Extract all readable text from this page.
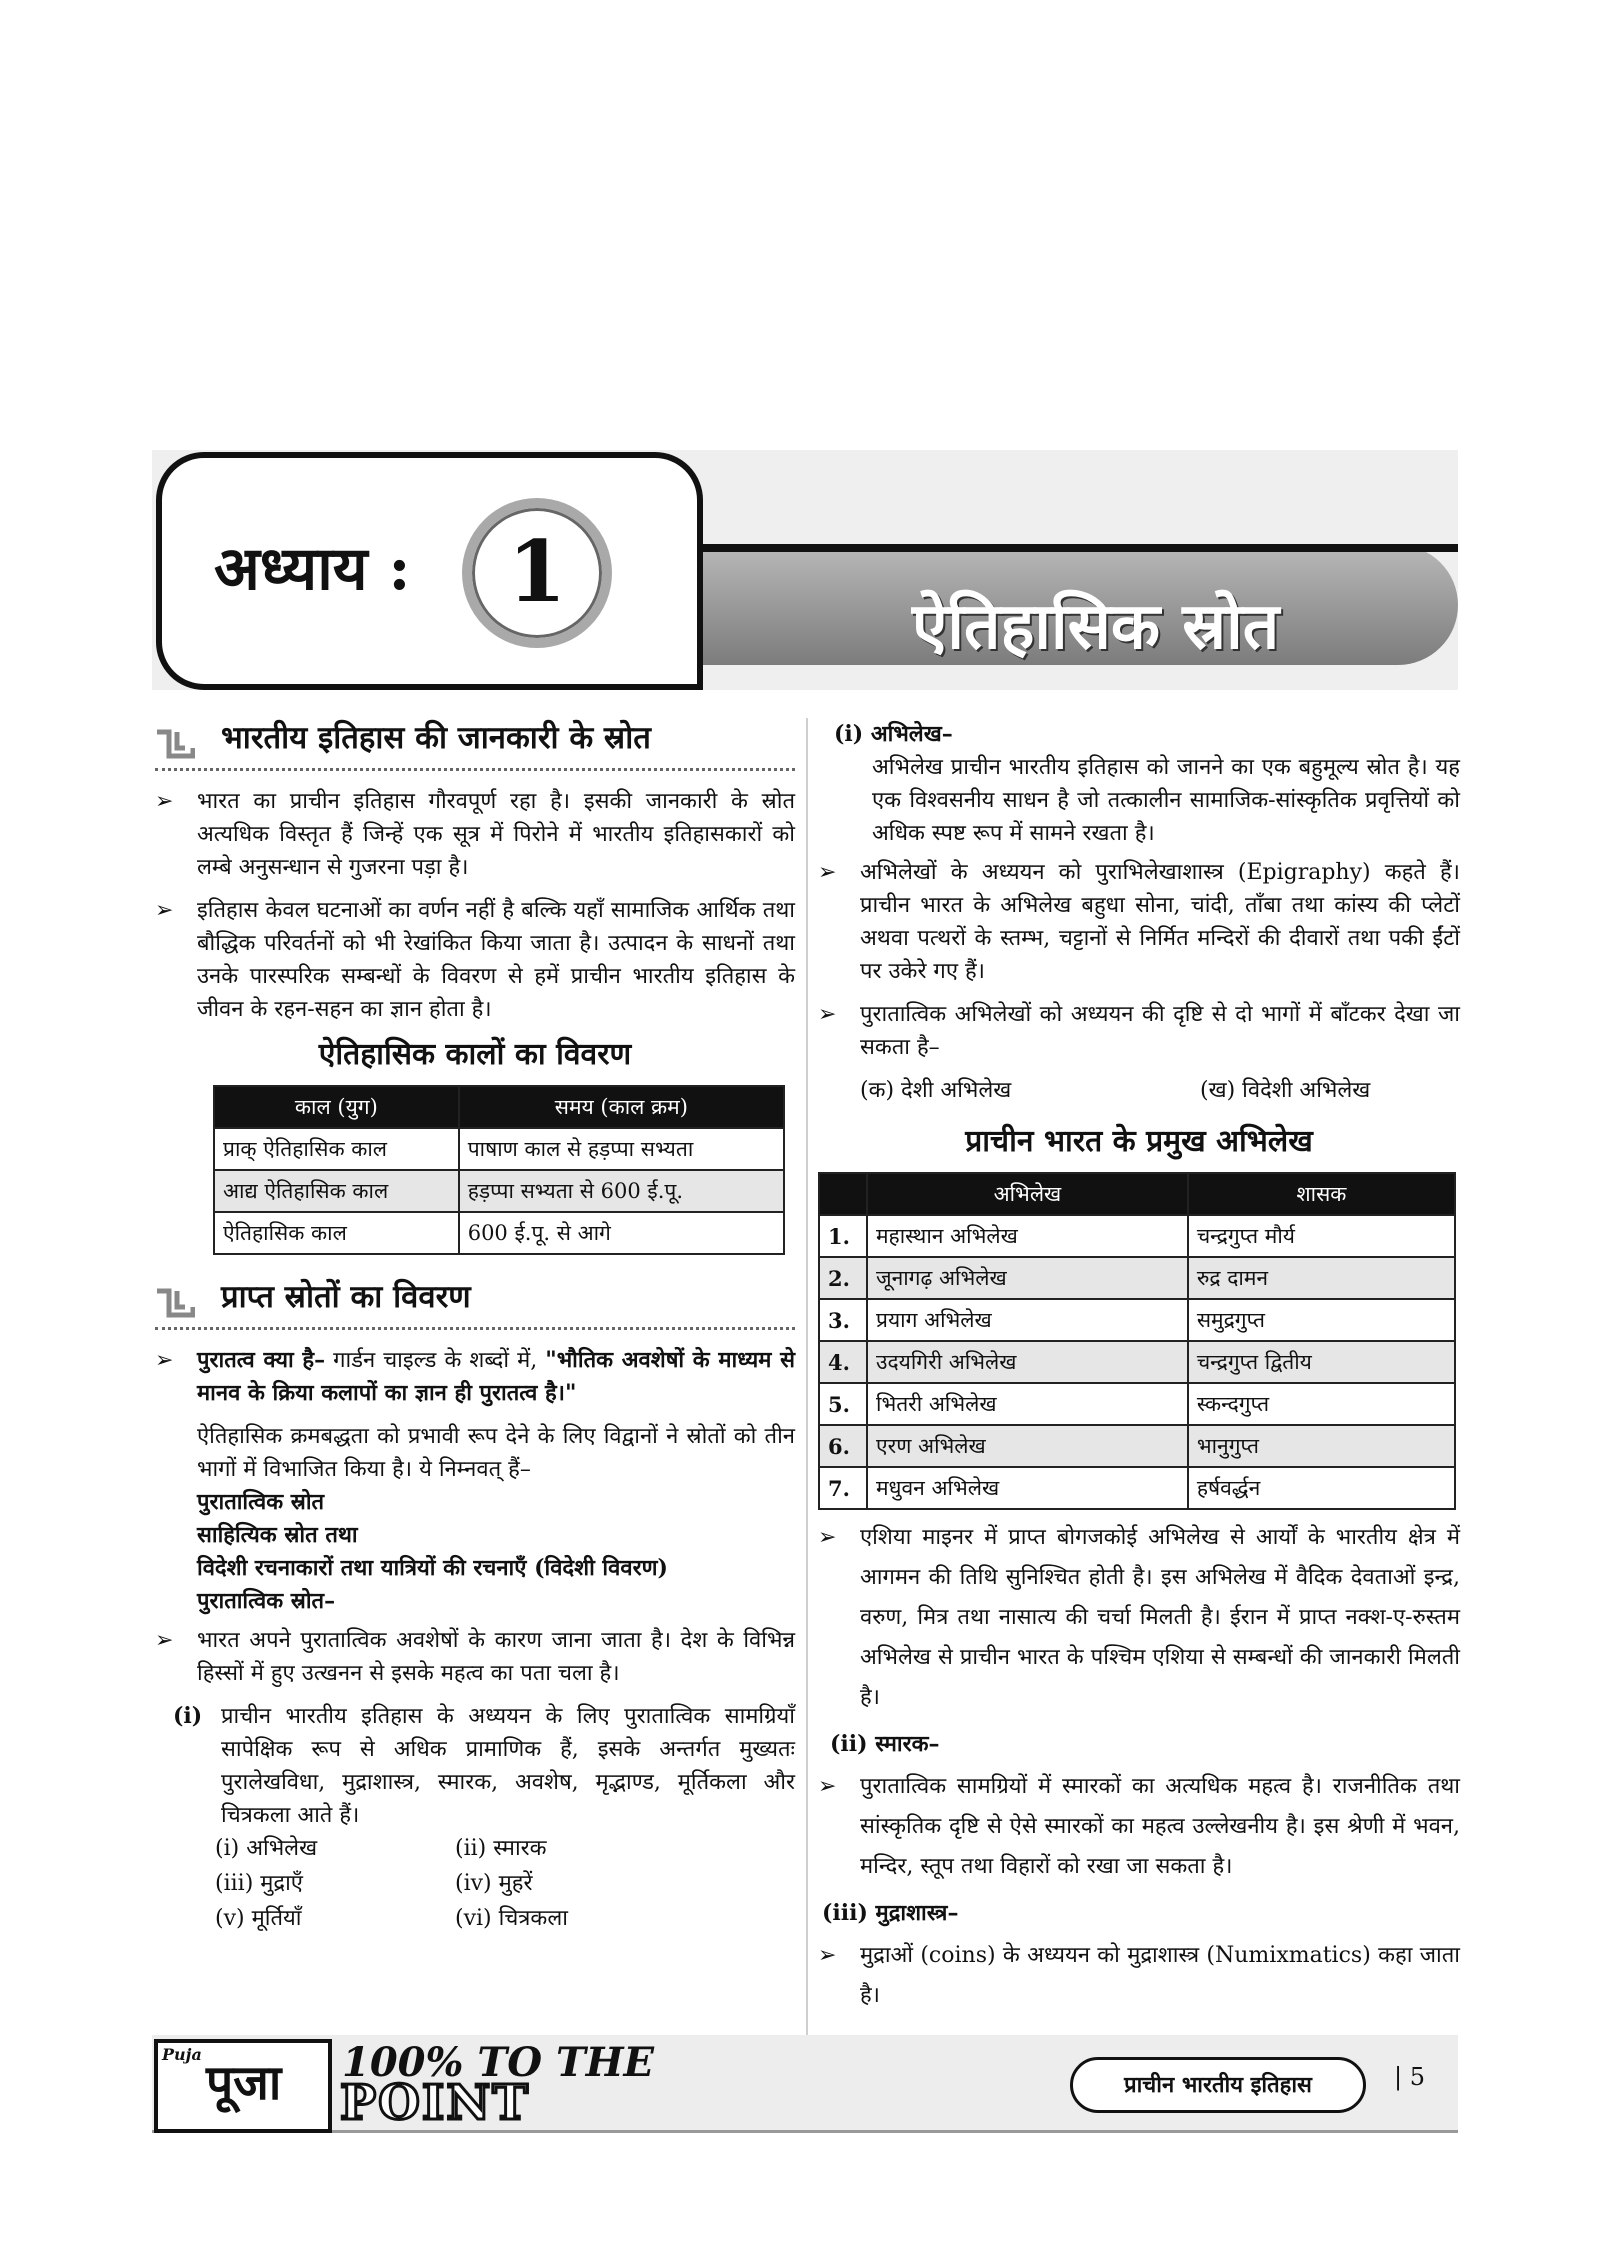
अध्याय :	1
ऐतिहासिक स्रोत
भारतीय इतिहास की जानकारी के स्रोत
➢ भारत का प्राचीन इतिहास गौरवपूर्ण रहा है। इसकी जानकारी के स्रोत अत्यधिक विस्तृत हैं जिन्हें एक सूत्र में पिरोने में भारतीय इतिहासकारों को लम्बे अनुसन्धान से गुजरना पड़ा है।
➢ इतिहास केवल घटनाओं का वर्णन नहीं है बल्कि यहाँ सामाजिक आर्थिक तथा बौद्धिक परिवर्तनों को भी रेखांकित किया जाता है। उत्पादन के साधनों तथा उनके पारस्परिक सम्बन्धों के विवरण से हमें प्राचीन भारतीय इतिहास के जीवन के रहन-सहन का ज्ञान होता है।
ऐतिहासिक कालों का विवरण
काल (युग)	समय (काल क्रम)
प्राक् ऐतिहासिक काल	पाषाण काल से हड़प्पा सभ्यता
आद्य ऐतिहासिक काल	हड़प्पा सभ्यता से 600 ई.पू.
ऐतिहासिक काल	600 ई.पू. से आगे
प्राप्त स्रोतों का विवरण
➢ पुरातत्व क्या है– गार्डन चाइल्ड के शब्दों में, "भौतिक अवशेषों के माध्यम से मानव के क्रिया कलापों का ज्ञान ही पुरातत्व है।"
ऐतिहासिक क्रमबद्धता को प्रभावी रूप देने के लिए विद्वानों ने स्रोतों को तीन भागों में विभाजित किया है। ये निम्नवत् हैं–
पुरातात्विक स्रोत
साहित्यिक स्रोत तथा
विदेशी रचनाकारों तथा यात्रियों की रचनाएँ (विदेशी विवरण)
पुरातात्विक स्रोत–
➢ भारत अपने पुरातात्विक अवशेषों के कारण जाना जाता है। देश के विभिन्न हिस्सों में हुए उत्खनन से इसके महत्व का पता चला है।
(i) प्राचीन भारतीय इतिहास के अध्ययन के लिए पुरातात्विक सामग्रियाँ सापेक्षिक रूप से अधिक प्रामाणिक हैं, इसके अन्तर्गत मुख्यतः पुरालेखविधा, मुद्राशास्त्र, स्मारक, अवशेष, मृद्भाण्ड, मूर्तिकला और चित्रकला आते हैं।
(i) अभिलेख	(ii) स्मारक
(iii) मुद्राएँ	(iv) मुहरें
(v) मूर्तियाँ	(vi) चित्रकला
(i) अभिलेख–
अभिलेख प्राचीन भारतीय इतिहास को जानने का एक बहुमूल्य स्रोत है। यह एक विश्वसनीय साधन है जो तत्कालीन सामाजिक-सांस्कृतिक प्रवृत्तियों को अधिक स्पष्ट रूप में सामने रखता है।
➢ अभिलेखों के अध्ययन को पुराभिलेखाशास्त्र (Epigraphy) कहते हैं। प्राचीन भारत के अभिलेख बहुधा सोना, चांदी, ताँबा तथा कांस्य की प्लेटों अथवा पत्थरों के स्तम्भ, चट्टानों से निर्मित मन्दिरों की दीवारों तथा पकी ईंटों पर उकेरे गए हैं।
➢ पुरातात्विक अभिलेखों को अध्ययन की दृष्टि से दो भागों में बाँटकर देखा जा सकता है–
(क) देशी अभिलेख	(ख) विदेशी अभिलेख
प्राचीन भारत के प्रमुख अभिलेख
	अभिलेख	शासक
1.	महास्थान अभिलेख	चन्द्रगुप्त मौर्य
2.	जूनागढ़ अभिलेख	रुद्र दामन
3.	प्रयाग अभिलेख	समुद्रगुप्त
4.	उदयगिरी अभिलेख	चन्द्रगुप्त द्वितीय
5.	भितरी अभिलेख	स्कन्दगुप्त
6.	एरण अभिलेख	भानुगुप्त
7.	मधुवन अभिलेख	हर्षवर्द्धन
➢ एशिया माइनर में प्राप्त बोगजकोई अभिलेख से आर्यों के भारतीय क्षेत्र में आगमन की तिथि सुनिश्चित होती है। इस अभिलेख में वैदिक देवताओं इन्द्र, वरुण, मित्र तथा नासात्य की चर्चा मिलती है। ईरान में प्राप्त नक्श-ए-रुस्तम अभिलेख से प्राचीन भारत के पश्चिम एशिया से सम्बन्धों की जानकारी मिलती है।
(ii) स्मारक–
➢ पुरातात्विक सामग्रियों में स्मारकों का अत्यधिक महत्व है। राजनीतिक तथा सांस्कृतिक दृष्टि से ऐसे स्मारकों का महत्व उल्लेखनीय है। इस श्रेणी में भवन, मन्दिर, स्तूप तथा विहारों को रखा जा सकता है।
(iii) मुद्राशास्त्र–
➢ मुद्राओं (coins) के अध्ययन को मुद्राशास्त्र (Numixmatics) कहा जाता है।
Puja
पूजा 100% TO THE
POINT	प्राचीन भारतीय इतिहास	| 5
